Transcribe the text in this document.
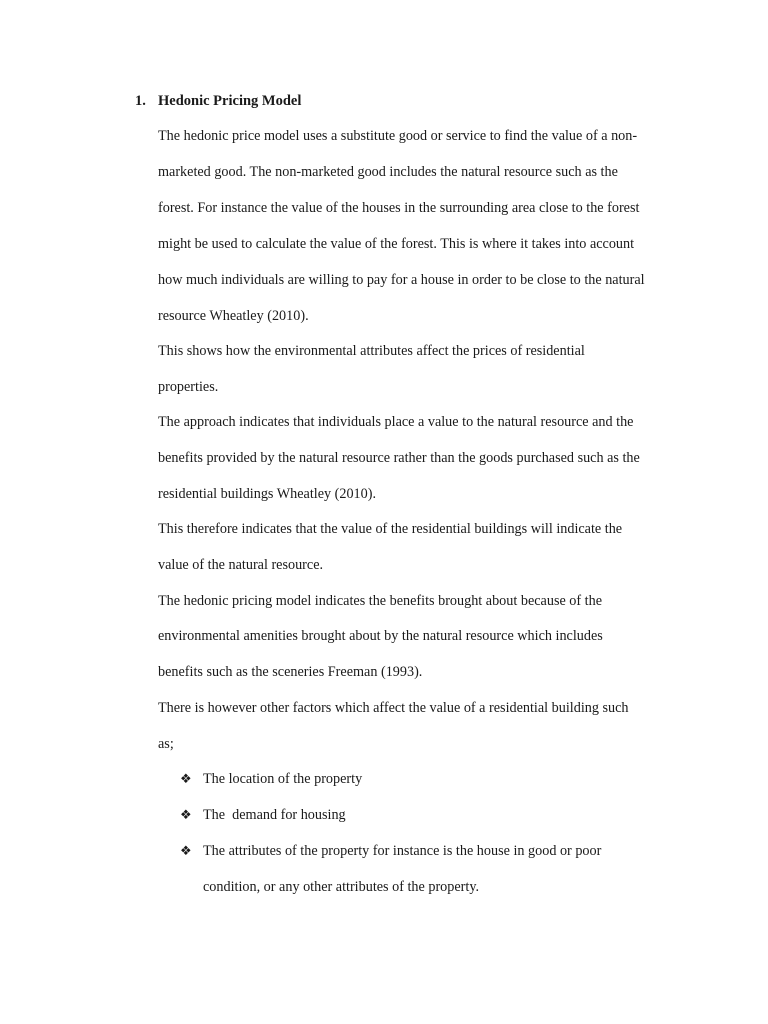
1. Hedonic Pricing Model
The hedonic price model uses a substitute good or service to find the value of a non-
marketed good. The non-marketed good includes the natural resource such as the
forest. For instance the value of the houses in the surrounding area close to the forest
might be used to calculate the value of the forest. This is where it takes into account
how much individuals are willing to pay for a house in order to be close to the natural
resource Wheatley (2010).
This shows how the environmental attributes affect the prices of residential
properties.
The approach indicates that individuals place a value to the natural resource and the
benefits provided by the natural resource rather than the goods purchased such as the
residential buildings Wheatley (2010).
This therefore indicates that the value of the residential buildings will indicate the
value of the natural resource.
The hedonic pricing model indicates the benefits brought about because of the
environmental amenities brought about by the natural resource which includes
benefits such as the sceneries Freeman (1993).
There is however other factors which affect the value of a residential building such
as;
❖ The location of the property
❖ The  demand for housing
❖ The attributes of the property for instance is the house in good or poor
condition, or any other attributes of the property.
